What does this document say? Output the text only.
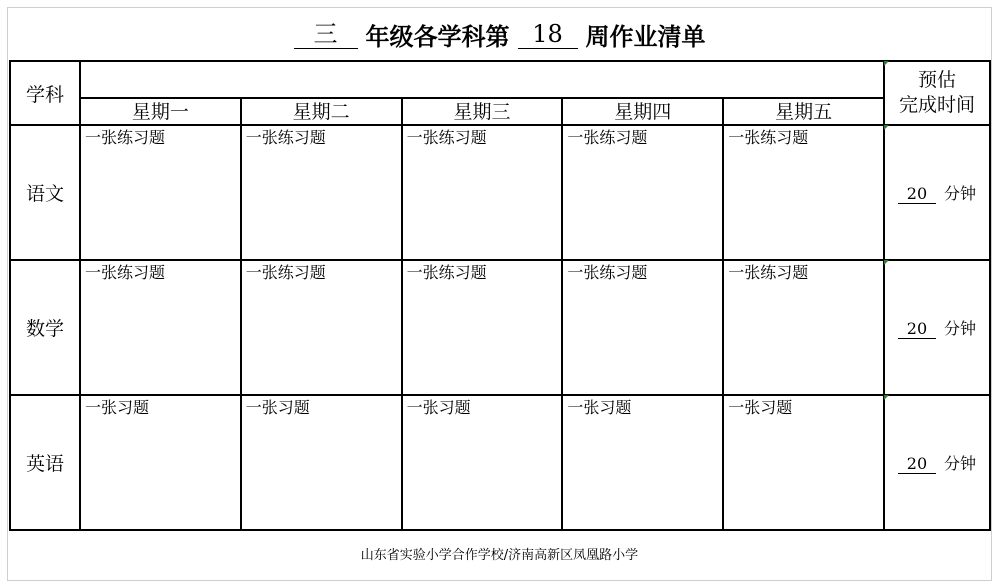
三	年级各学科第 18 周作业清单
学科						预估
完成时间

	星期一	星期二	星期三	星期四	星期五	
语文	一张练习题	一张练习题	一张练习题	一张练习题	一张练习题	20 分钟
数学	一张练习题	一张练习题	一张练习题	一张练习题	一张练习题	20 分钟
英语	一张习题	一张习题	一张习题	一张习题	一张习题	20 分钟
山东省实验小学合作学校/济南高新区凤凰路小学
